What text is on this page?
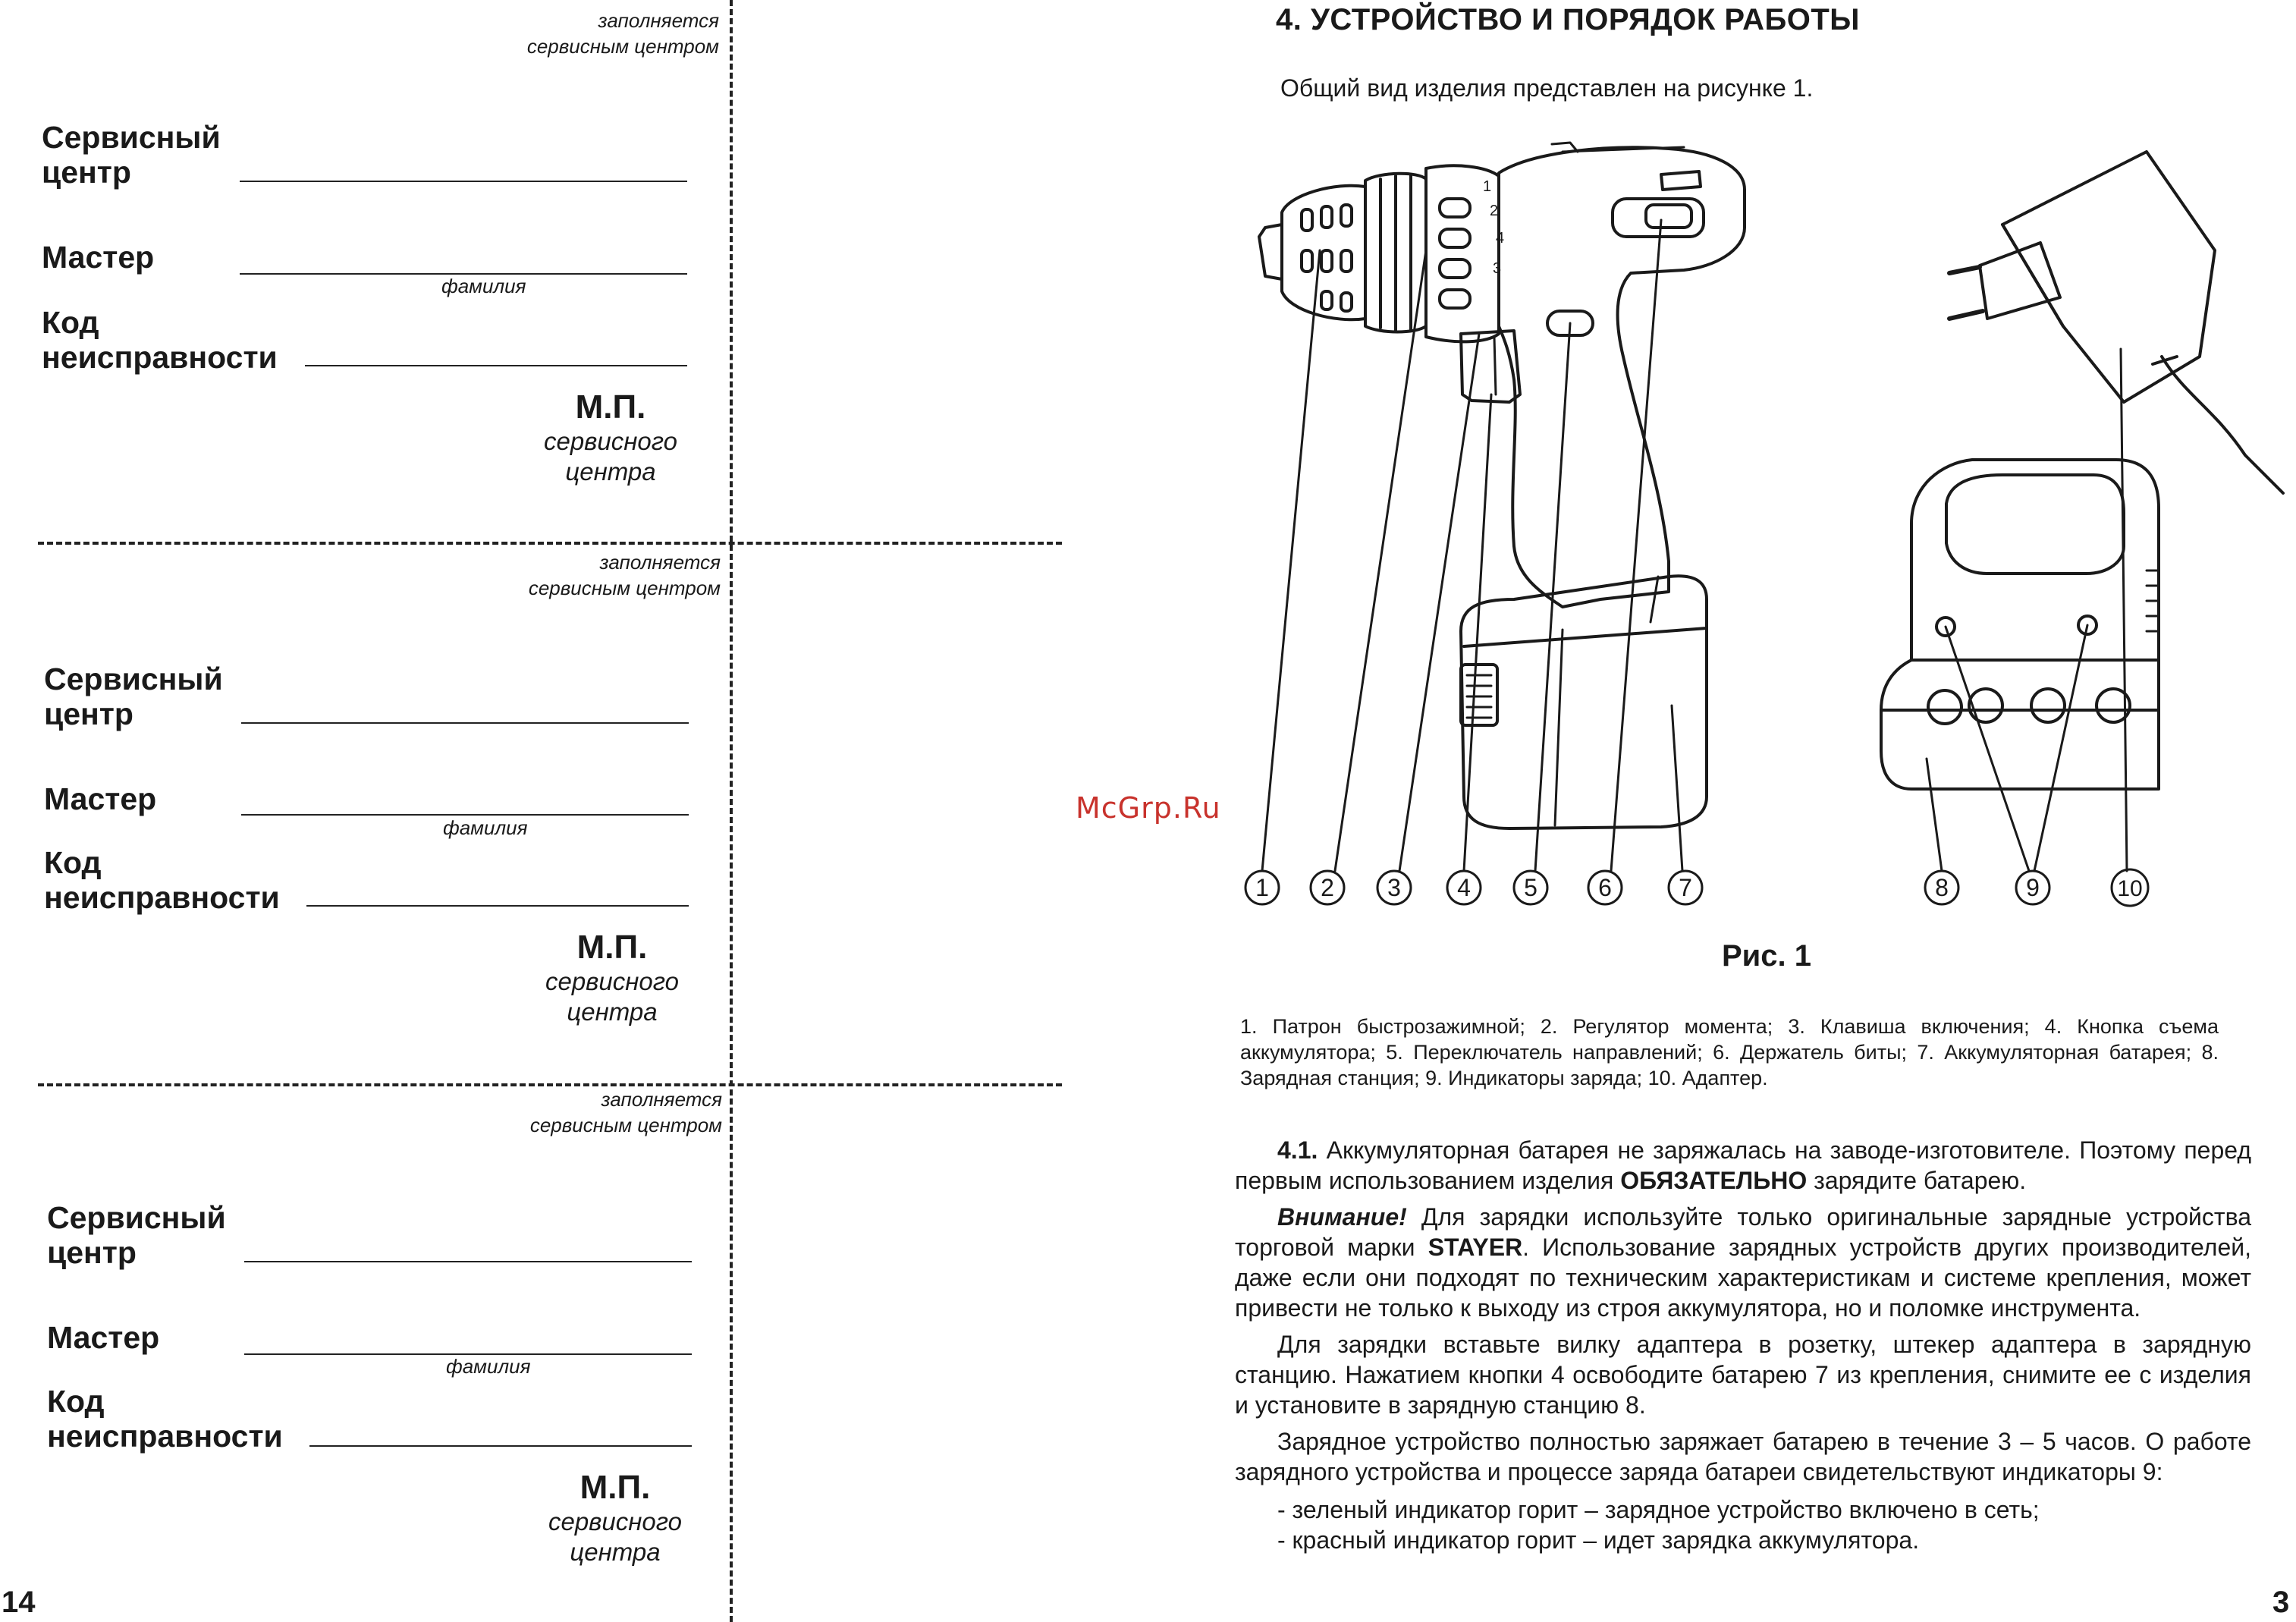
заполняется
сервисным центром
Сервисный
центр
Мастер
фамилия
Код
неисправности
М.П.
сервисного
центра
заполняется
сервисным центром
Сервисный
центр
Мастер
фамилия
Код
неисправности
М.П.
сервисного
центра
заполняется
сервисным центром
Сервисный
центр
Мастер
фамилия
Код
неисправности
М.П.
сервисного
центра
14
4. УСТРОЙСТВО И ПОРЯДОК РАБОТЫ
Общий вид изделия представлен на рисунке 1.
1
2
3
4
1 2 3 4 5	6	7	8	9	10
McGrp.Ru
Рис. 1
1. Патрон быстрозажимной; 2. Регулятор момента; 3. Клавиша включения; 4. Кнопка съема аккумулятора; 5. Переключатель направлений; 6. Держатель биты; 7. Аккумуляторная батарея; 8. Зарядная станция; 9. Индикаторы заряда; 10. Адаптер.

4.1. Аккумуляторная батарея не заряжалась на заводе-изготовителе. Поэтому перед первым использованием изделия ОБЯЗАТЕЛЬНО зарядите батарею.

Внимание! Для зарядки используйте только оригинальные зарядные устройства торговой марки STAYER. Использование зарядных устройств других производителей, даже если они подходят по техническим характеристикам и системе крепления, может привести не только к выходу из строя аккумулятора, но и поломке инструмента.

Для зарядки вставьте вилку адаптера в розетку, штекер адаптера в зарядную станцию. Нажатием кнопки 4 освободите батарею 7 из крепления, снимите ее с изделия и установите в зарядную станцию 8.

Зарядное устройство полностью заряжает батарею в течение 3 – 5 часов. О работе зарядного устройства и процессе заряда батареи свидетельствуют индикаторы 9:

- зеленый индикатор горит – зарядное устройство включено в сеть;

- красный индикатор горит – идет зарядка аккумулятора.

3
